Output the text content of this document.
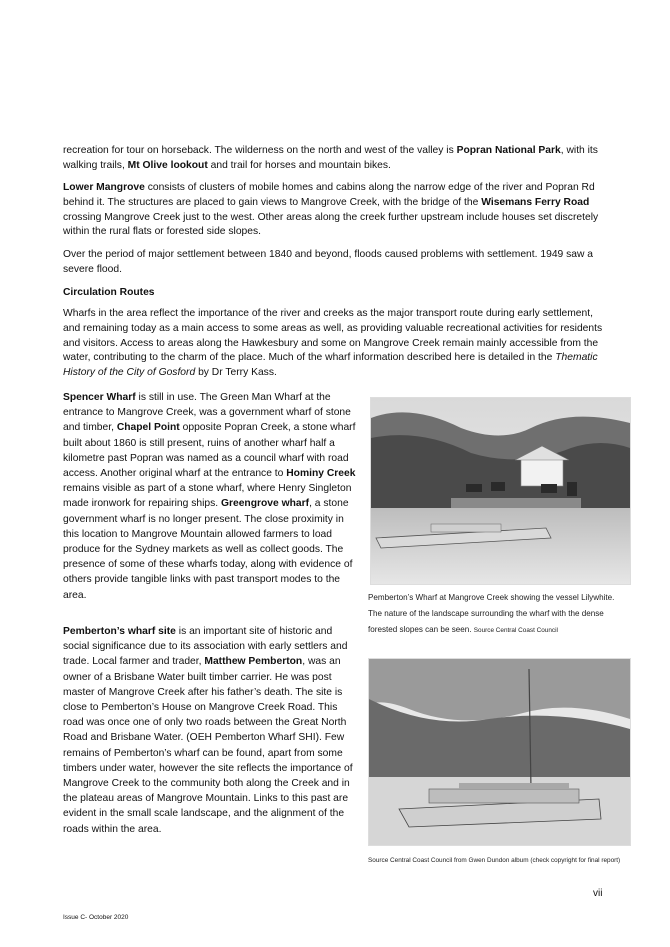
recreation for tour on horseback. The wilderness on the north and west of the valley is Popran National Park, with its walking trails, Mt Olive lookout and trail for horses and mountain bikes.

Lower Mangrove consists of clusters of mobile homes and cabins along the narrow edge of the river and Popran Rd behind it. The structures are placed to gain views to Mangrove Creek, with the bridge of the Wisemans Ferry Road crossing Mangrove Creek just to the west. Other areas along the creek further upstream include houses set discretely within the rural flats or forested side slopes.

Over the period of major settlement between 1840 and beyond, floods caused problems with settlement. 1949 saw a severe flood.

Circulation Routes

Wharfs in the area reflect the importance of the river and creeks as the major transport route during early settlement, and remaining today as a main access to some areas as well, as providing valuable recreational activities for residents and visitors. Access to areas along the Hawkesbury and some on Mangrove Creek remain mainly accessible from the water, contributing to the charm of the place. Much of the wharf information described here is detailed in the Thematic History of the City of Gosford by Dr Terry Kass.

Spencer Wharf is still in use. The Green Man Wharf at the entrance to Mangrove Creek, was a government wharf of stone and timber, Chapel Point opposite Popran Creek, a stone wharf built about 1860 is still present, ruins of another wharf half a kilometre past Popran was named as a council wharf with road access. Another original wharf at the entrance to Hominy Creek remains visible as part of a stone wharf, where Henry Singleton made ironwork for repairing ships. Greengrove wharf, a stone government wharf is no longer present. The close proximity in this location to Mangrove Mountain allowed farmers to load produce for the Sydney markets as well as collect goods. The presence of some of these wharfs today, along with evidence of others provide tangible links with past transport modes to the area.

Pemberton’s wharf site is an important site of historic and social significance due to its association with early settlers and trade. Local farmer and trader, Matthew Pemberton, was an owner of a Brisbane Water built timber carrier. He was post master of Mangrove Creek after his father’s death. The site is close to Pemberton’s House on Mangrove Creek Road. This road was once one of only two roads between the Great North Road and Brisbane Water. (OEH Pemberton Wharf SHI). Few remains of Pemberton’s wharf can be found, apart from some timbers under water, however the site reflects the importance of Mangrove Creek to the community both along the Creek and in the plateau areas of Mangrove Mountain. Links to this past are evident in the small scale landscape, and the alignment of the roads within the area.

Pemberton’s Wharf at Mangrove Creek showing the vessel Lilywhite. The nature of the landscape surrounding the wharf with the dense forested slopes can be seen. Source Central Coast Council

Source Central Coast Council from Gwen Dundon album (check copyright for final report)

vii
Issue C- October 2020
